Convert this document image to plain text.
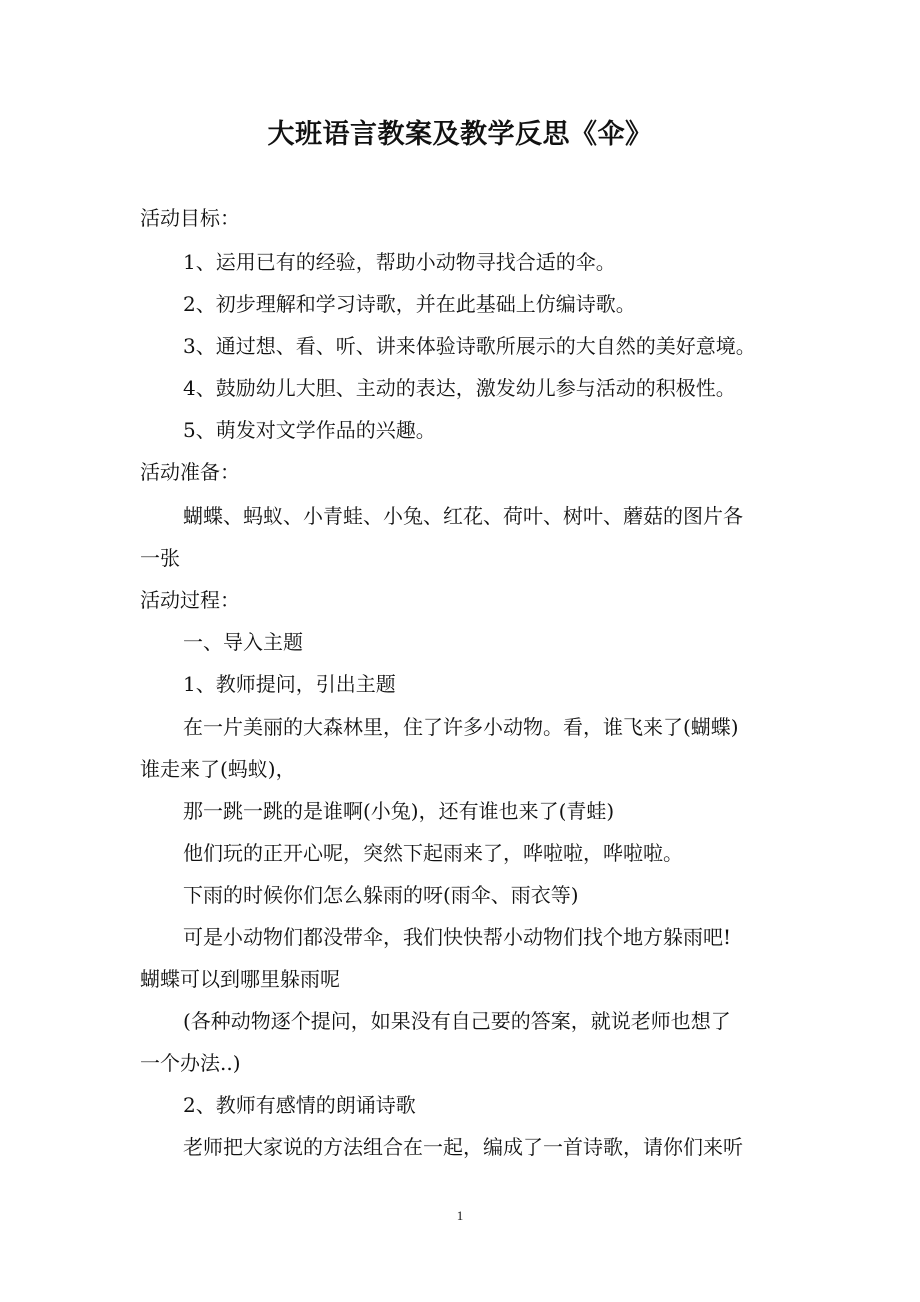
大班语言教案及教学反思《伞》
活动目标：
1、运用已有的经验，帮助小动物寻找合适的伞。
2、初步理解和学习诗歌，并在此基础上仿编诗歌。
3、通过想、看、听、讲来体验诗歌所展示的大自然的美好意境。
4、鼓励幼儿大胆、主动的表达，激发幼儿参与活动的积极性。
5、萌发对文学作品的兴趣。
活动准备：
蝴蝶、蚂蚁、小青蛙、小兔、红花、荷叶、树叶、蘑菇的图片各
一张
活动过程：
一、导入主题
1、教师提问，引出主题
在一片美丽的大森林里，住了许多小动物。看，谁飞来了(蝴蝶)
谁走来了(蚂蚁)，
那一跳一跳的是谁啊(小兔)，还有谁也来了(青蛙)
他们玩的正开心呢，突然下起雨来了，哗啦啦，哗啦啦。
下雨的时候你们怎么躲雨的呀(雨伞、雨衣等)
可是小动物们都没带伞，我们快快帮小动物们找个地方躲雨吧!
蝴蝶可以到哪里躲雨呢
(各种动物逐个提问，如果没有自己要的答案，就说老师也想了
一个办法..)
2、教师有感情的朗诵诗歌
老师把大家说的方法组合在一起，编成了一首诗歌，请你们来听
1
